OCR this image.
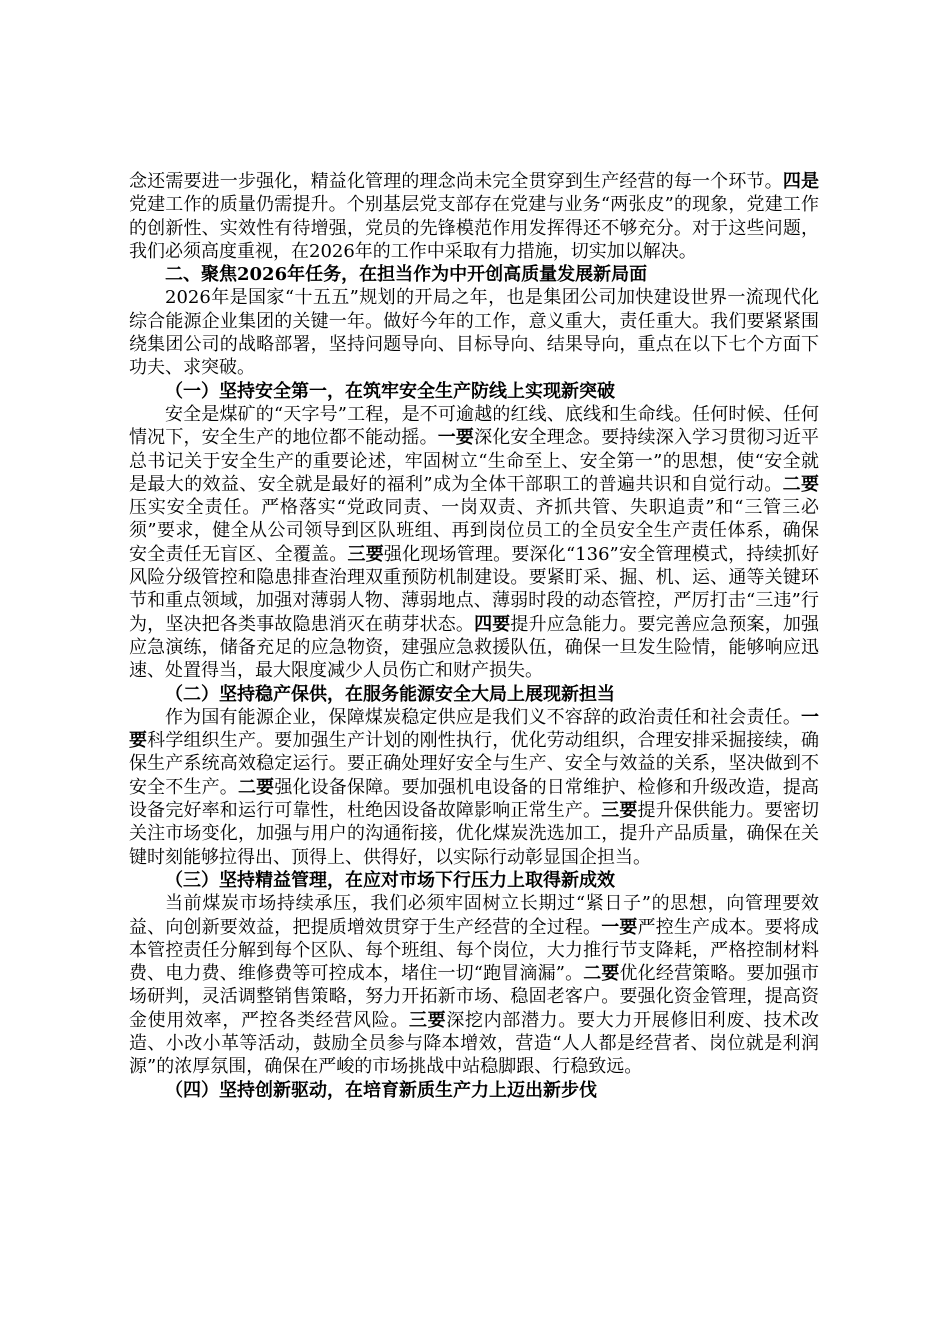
念还需要进一步强化，精益化管理的理念尚未完全贯穿到生产经营的每一个环节。四是党建工作的质量仍需提升。个别基层党支部存在党建与业务“两张皮”的现象，党建工作的创新性、实效性有待增强，党员的先锋模范作用发挥得还不够充分。对于这些问题，我们必须高度重视，在2026年的工作中采取有力措施，切实加以解决。

二、聚焦2026年任务，在担当作为中开创高质量发展新局面

2026年是国家“十五五”规划的开局之年，也是集团公司加快建设世界一流现代化综合能源企业集团的关键一年。做好今年的工作，意义重大，责任重大。我们要紧紧围绕集团公司的战略部署，坚持问题导向、目标导向、结果导向，重点在以下七个方面下功夫、求突破。

（一）坚持安全第一，在筑牢安全生产防线上实现新突破

安全是煤矿的“天字号”工程，是不可逾越的红线、底线和生命线。任何时候、任何情况下，安全生产的地位都不能动摇。一要深化安全理念。要持续深入学习贯彻习近平总书记关于安全生产的重要论述，牢固树立“生命至上、安全第一”的思想，使“安全就是最大的效益、安全就是最好的福利”成为全体干部职工的普遍共识和自觉行动。二要压实安全责任。严格落实“党政同责、一岗双责、齐抓共管、失职追责”和“三管三必须”要求，健全从公司领导到区队班组、再到岗位员工的全员安全生产责任体系，确保安全责任无盲区、全覆盖。三要强化现场管理。要深化“136”安全管理模式，持续抓好风险分级管控和隐患排查治理双重预防机制建设。要紧盯采、掘、机、运、通等关键环节和重点领域，加强对薄弱人物、薄弱地点、薄弱时段的动态管控，严厉打击“三违”行为，坚决把各类事故隐患消灭在萌芽状态。四要提升应急能力。要完善应急预案，加强应急演练，储备充足的应急物资，建强应急救援队伍，确保一旦发生险情，能够响应迅速、处置得当，最大限度减少人员伤亡和财产损失。

（二）坚持稳产保供，在服务能源安全大局上展现新担当

作为国有能源企业，保障煤炭稳定供应是我们义不容辞的政治责任和社会责任。一要科学组织生产。要加强生产计划的刚性执行，优化劳动组织，合理安排采掘接续，确保生产系统高效稳定运行。要正确处理好安全与生产、安全与效益的关系，坚决做到不安全不生产。二要强化设备保障。要加强机电设备的日常维护、检修和升级改造，提高设备完好率和运行可靠性，杜绝因设备故障影响正常生产。三要提升保供能力。要密切关注市场变化，加强与用户的沟通衔接，优化煤炭洗选加工，提升产品质量，确保在关键时刻能够拉得出、顶得上、供得好，以实际行动彰显国企担当。

（三）坚持精益管理，在应对市场下行压力上取得新成效

当前煤炭市场持续承压，我们必须牢固树立长期过“紧日子”的思想，向管理要效益、向创新要效益，把提质增效贯穿于生产经营的全过程。一要严控生产成本。要将成本管控责任分解到每个区队、每个班组、每个岗位，大力推行节支降耗，严格控制材料费、电力费、维修费等可控成本，堵住一切“跑冒滴漏”。二要优化经营策略。要加强市场研判，灵活调整销售策略，努力开拓新市场、稳固老客户。要强化资金管理，提高资金使用效率，严控各类经营风险。三要深挖内部潜力。要大力开展修旧利废、技术改造、小改小革等活动，鼓励全员参与降本增效，营造“人人都是经营者、岗位就是利润源”的浓厚氛围，确保在严峻的市场挑战中站稳脚跟、行稳致远。

（四）坚持创新驱动，在培育新质生产力上迈出新步伐
